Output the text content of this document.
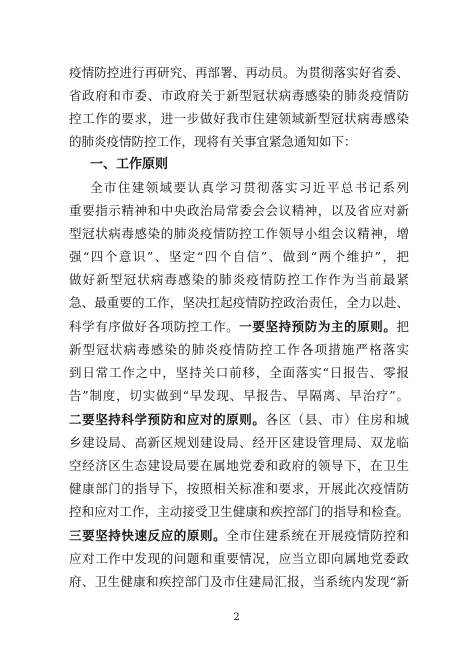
疫情防控进行再研究、再部署、再动员。为贯彻落实好省委、
省政府和市委、市政府关于新型冠状病毒感染的肺炎疫情防
控工作的要求，进一步做好我市住建领域新型冠状病毒感染
的肺炎疫情防控工作，现将有关事宜紧急通知如下：
一、工作原则
全市住建领域要认真学习贯彻落实习近平总书记系列
重要指示精神和中央政治局常委会会议精神，以及省应对新
型冠状病毒感染的肺炎疫情防控工作领导小组会议精神，增
强“四个意识”、坚定“四个自信”、做到“两个维护”，把
做好新型冠状病毒感染的肺炎疫情防控工作作为当前最紧
急、最重要的工作，坚决扛起疫情防控政治责任，全力以赴、
科学有序做好各项防控工作。一要坚持预防为主的原则。把
新型冠状病毒感染的肺炎疫情防控工作各项措施严格落实
到日常工作之中，坚持关口前移，全面落实“日报告、零报
告”制度，切实做到“早发现、早报告、早隔离、早治疗”。
二要坚持科学预防和应对的原则。各区（县、市）住房和城
乡建设局、高新区规划建设局、经开区建设管理局、双龙临
空经济区生态建设局要在属地党委和政府的领导下，在卫生
健康部门的指导下，按照相关标准和要求，开展此次疫情防
控和应对工作，主动接受卫生健康和疾控部门的指导和检查。
三要坚持快速反应的原则。全市住建系统在开展疫情防控和
应对工作中发现的问题和重要情况，应当立即向属地党委政
府、卫生健康和疾控部门及市住建局汇报，当系统内发现“新
2
